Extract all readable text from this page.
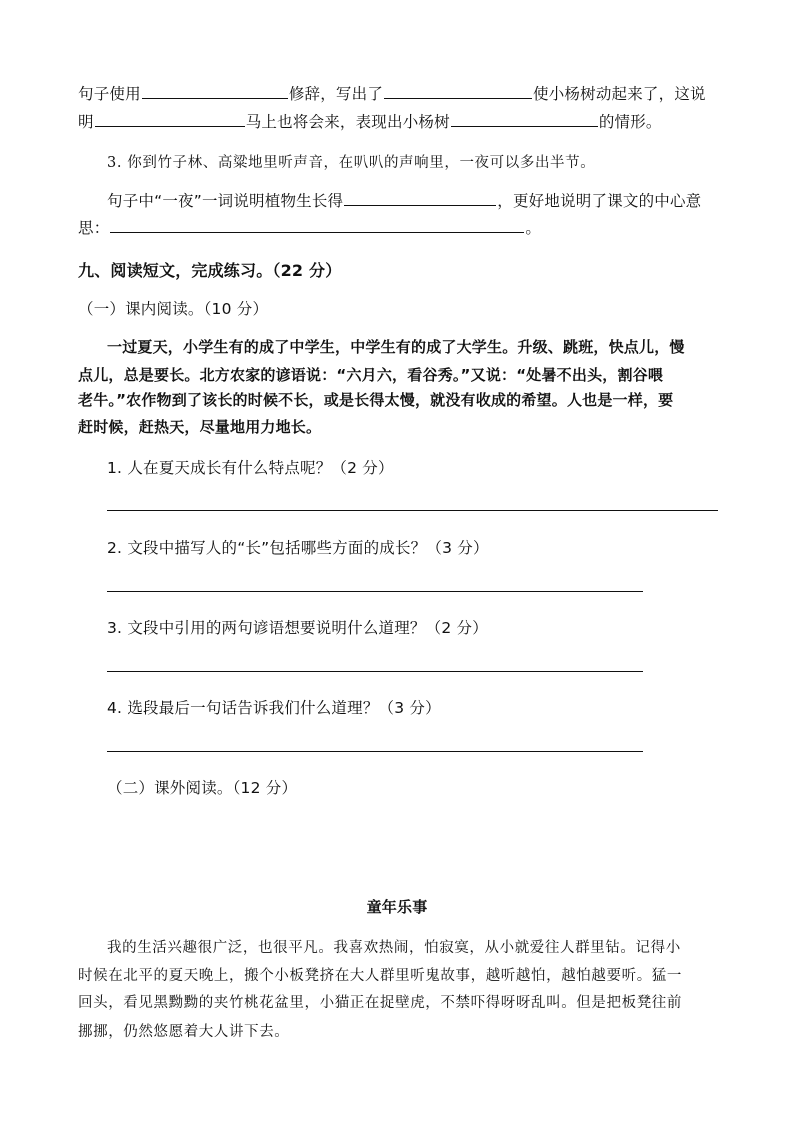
句子使用	修辞，写出了	使小杨树动起来了，这说
明	马上也将会来，表现出小杨树	的情形。
3. 你到竹子林、高粱地里听声音，在叭叭的声响里，一夜可以多出半节。
句子中“一夜”一词说明植物生长得	，更好地说明了课文的中心意
思：	。
九、阅读短文，完成练习。（22 分）
（一）课内阅读。（10 分）
一过夏天，小学生有的成了中学生，中学生有的成了大学生。升级、跳班，快点儿，慢
点儿，总是要长。北方农家的谚语说：“六月六，看谷秀。”又说：“处暑不出头，割谷喂
老牛。”农作物到了该长的时候不长，或是长得太慢，就没有收成的希望。人也是一样，要
赶时候，赶热天，尽量地用力地长。
1. 人在夏天成长有什么特点呢？（2 分）
2. 文段中描写人的“长”包括哪些方面的成长？（3 分）
3. 文段中引用的两句谚语想要说明什么道理？（2 分）
4. 选段最后一句话告诉我们什么道理？（3 分）
（二）课外阅读。（12 分）
童年乐事
我的生活兴趣很广泛，也很平凡。我喜欢热闹，怕寂寞，从小就爱往人群里钻。记得小
时候在北平的夏天晚上，搬个小板凳挤在大人群里听鬼故事，越听越怕，越怕越要听。猛一
回头，看见黑黝黝的夹竹桃花盆里，小猫正在捉壁虎，不禁吓得呀呀乱叫。但是把板凳往前
挪挪，仍然悠愿着大人讲下去。
